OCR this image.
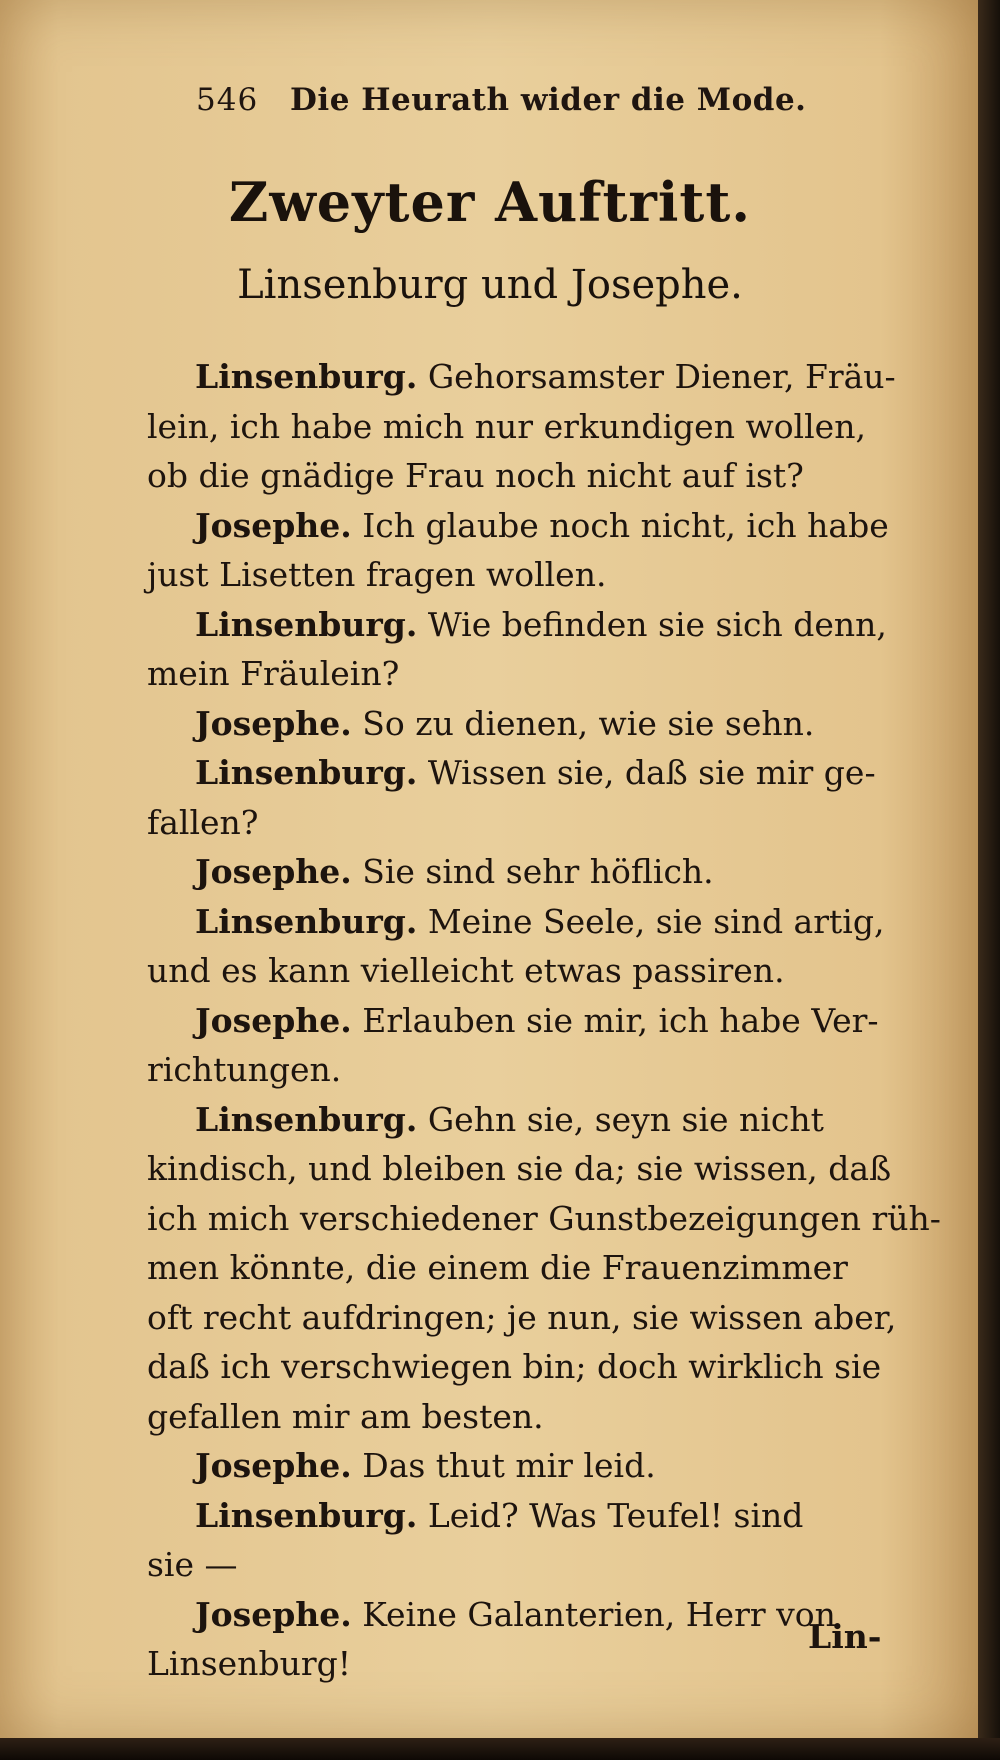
546 Die Heurath wider die Mode.
Zweyter Auftritt.
Linsenburg und Josephe.
Linsenburg. Gehorsamster Diener, Fräu-
lein, ich habe mich nur erkundigen wollen,
ob die gnädige Frau noch nicht auf ist?
Josephe. Ich glaube noch nicht, ich habe
just Lisetten fragen wollen.
Linsenburg. Wie befinden sie sich denn,
mein Fräulein?
Josephe. So zu dienen, wie sie sehn.
Linsenburg. Wissen sie, daß sie mir ge-
fallen?
Josephe. Sie sind sehr höflich.
Linsenburg. Meine Seele, sie sind artig,
und es kann vielleicht etwas passiren.
Josephe. Erlauben sie mir, ich habe Ver-
richtungen.
Linsenburg. Gehn sie, seyn sie nicht
kindisch, und bleiben sie da; sie wissen, daß
ich mich verschiedener Gunstbezeigungen rüh-
men könnte, die einem die Frauenzimmer
oft recht aufdringen; je nun, sie wissen aber,
daß ich verschwiegen bin; doch wirklich sie
gefallen mir am besten.
Josephe. Das thut mir leid.
Linsenburg. Leid? Was Teufel! sind
sie —
Josephe. Keine Galanterien, Herr von
Linsenburg!
Lin-
